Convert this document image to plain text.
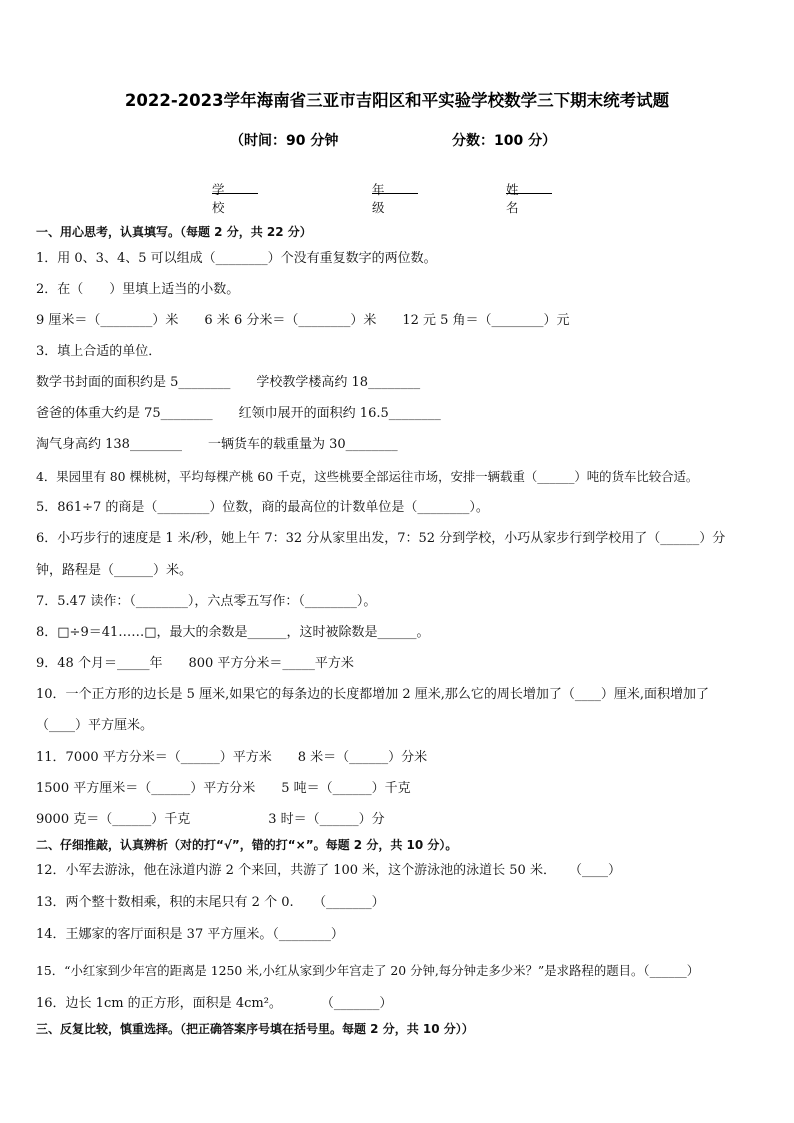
2022-2023学年海南省三亚市吉阳区和平实验学校数学三下期末统考试题
（时间：90 分钟	分数：100 分）
学校
年级
姓名
一、用心思考，认真填写。（每题 2 分，共 22 分）
1．用 0、3、4、5 可以组成（________）个没有重复数字的两位数。
2．在（　　）里填上适当的小数。
9 厘米＝（________）米　　6 米 6 分米＝（________）米　　12 元 5 角＝（________）元
3．填上合适的单位．
数学书封面的面积约是 5________　　学校教学楼高约 18________
爸爸的体重大约是 75________　　红领巾展开的面积约 16.5________
淘气身高约 138________　　一辆货车的载重量为 30________
4．果园里有 80 棵桃树，平均每棵产桃 60 千克，这些桃要全部运往市场，安排一辆载重（______）吨的货车比较合适。
5．861÷7 的商是（________）位数，商的最高位的计数单位是（________）。
6．小巧步行的速度是 1 米/秒，她上午 7：32 分从家里出发，7：52 分到学校，小巧从家步行到学校用了（______）分
钟，路程是（______）米。
7．5.47 读作：（________），六点零五写作：（________）。
8．□÷9＝41……□，最大的余数是______，这时被除数是______。
9．48 个月＝_____年　　800 平方分米＝_____平方米
10．一个正方形的边长是 5 厘米,如果它的每条边的长度都增加 2 厘米,那么它的周长增加了（____）厘米,面积增加了
（____）平方厘米。
11．7000 平方分米＝（______）平方米　　8 米＝（______）分米
1500 平方厘米＝（______）平方分米　　5 吨＝（______）千克
9000 克＝（______）千克　　　　　　3 时＝（______）分
二、仔细推敲，认真辨析（对的打“√”，错的打“×”。每题 2 分，共 10 分）。
12．小军去游泳，他在泳道内游 2 个来回，共游了 100 米，这个游泳池的泳道长 50 米．　　（____）
13．两个整十数相乘，积的末尾只有 2 个 0.　　（_______）
14．王娜家的客厅面积是 37 平方厘米。（________）
15．“小红家到少年宫的距离是 1250 米,小红从家到少年宫走了 20 分钟,每分钟走多少米？”是求路程的题目。（______）
16．边长 1cm 的正方形，面积是 4cm²。　　　　（_______）
三、反复比较，慎重选择。（把正确答案序号填在括号里。每题 2 分，共 10 分））
